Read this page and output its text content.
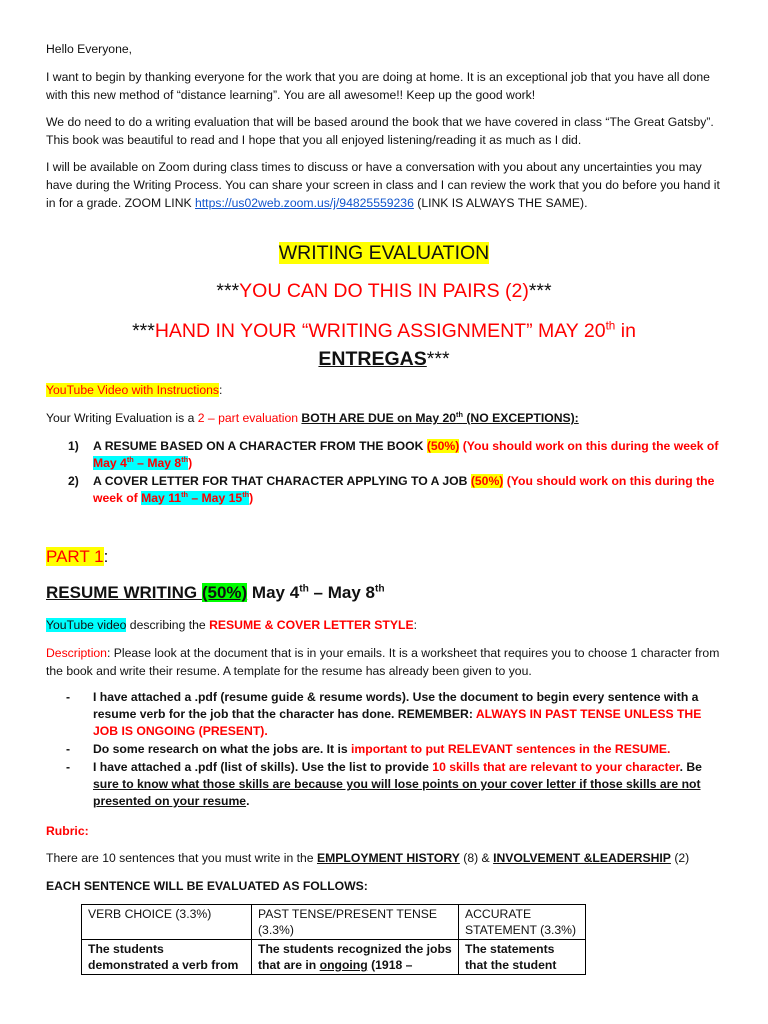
Hello Everyone,

I want to begin by thanking everyone for the work that you are doing at home. It is an exceptional job that you have all done with this new method of “distance learning”. You are all awesome!! Keep up the good work!

We do need to do a writing evaluation that will be based around the book that we have covered in class “The Great Gatsby”. This book was beautiful to read and I hope that you all enjoyed listening/reading it as much as I did.

I will be available on Zoom during class times to discuss or have a conversation with you about any uncertainties you may have during the Writing Process. You can share your screen in class and I can review the work that you do before you hand it in for a grade. ZOOM LINK https://us02web.zoom.us/j/94825559236 (LINK IS ALWAYS THE SAME).

WRITING EVALUATION
***YOU CAN DO THIS IN PAIRS (2)***
***HAND IN YOUR “WRITING ASSIGNMENT” MAY 20th in
ENTREGAS***

YouTube Video with Instructions:

Your Writing Evaluation is a 2 – part evaluation BOTH ARE DUE on May 20th (NO EXCEPTIONS):

1) A RESUME BASED ON A CHARACTER FROM THE BOOK (50%) (You should work on this during the week of May 4th – May 8th)
2) A COVER LETTER FOR THAT CHARACTER APPLYING TO A JOB (50%) (You should work on this during the week of May 11th – May 15th)
PART 1:
RESUME WRITING (50%) May 4th – May 8th

YouTube video describing the RESUME & COVER LETTER STYLE:

Description: Please look at the document that is in your emails. It is a worksheet that requires you to choose 1 character from the book and write their resume. A template for the resume has already been given to you.

- I have attached a .pdf (resume guide & resume words). Use the document to begin every sentence with a resume verb for the job that the character has done. REMEMBER: ALWAYS IN PAST TENSE UNLESS THE JOB IS ONGOING (PRESENT).
- Do some research on what the jobs are. It is important to put RELEVANT sentences in the RESUME.
- I have attached a .pdf (list of skills). Use the list to provide 10 skills that are relevant to your character. Be sure to know what those skills are because you will lose points on your cover letter if those skills are not presented on your resume.

Rubric:

There are 10 sentences that you must write in the EMPLOYMENT HISTORY (8) & INVOLVEMENT &LEADERSHIP (2)

EACH SENTENCE WILL BE EVALUATED AS FOLLOWS:

VERB CHOICE (3.3%)	PAST TENSE/PRESENT TENSE (3.3%)	ACCURATE STATEMENT (3.3%)
The students demonstrated a verb from	The students recognized the jobs that are in ongoing (1918 –	The statements that the student
